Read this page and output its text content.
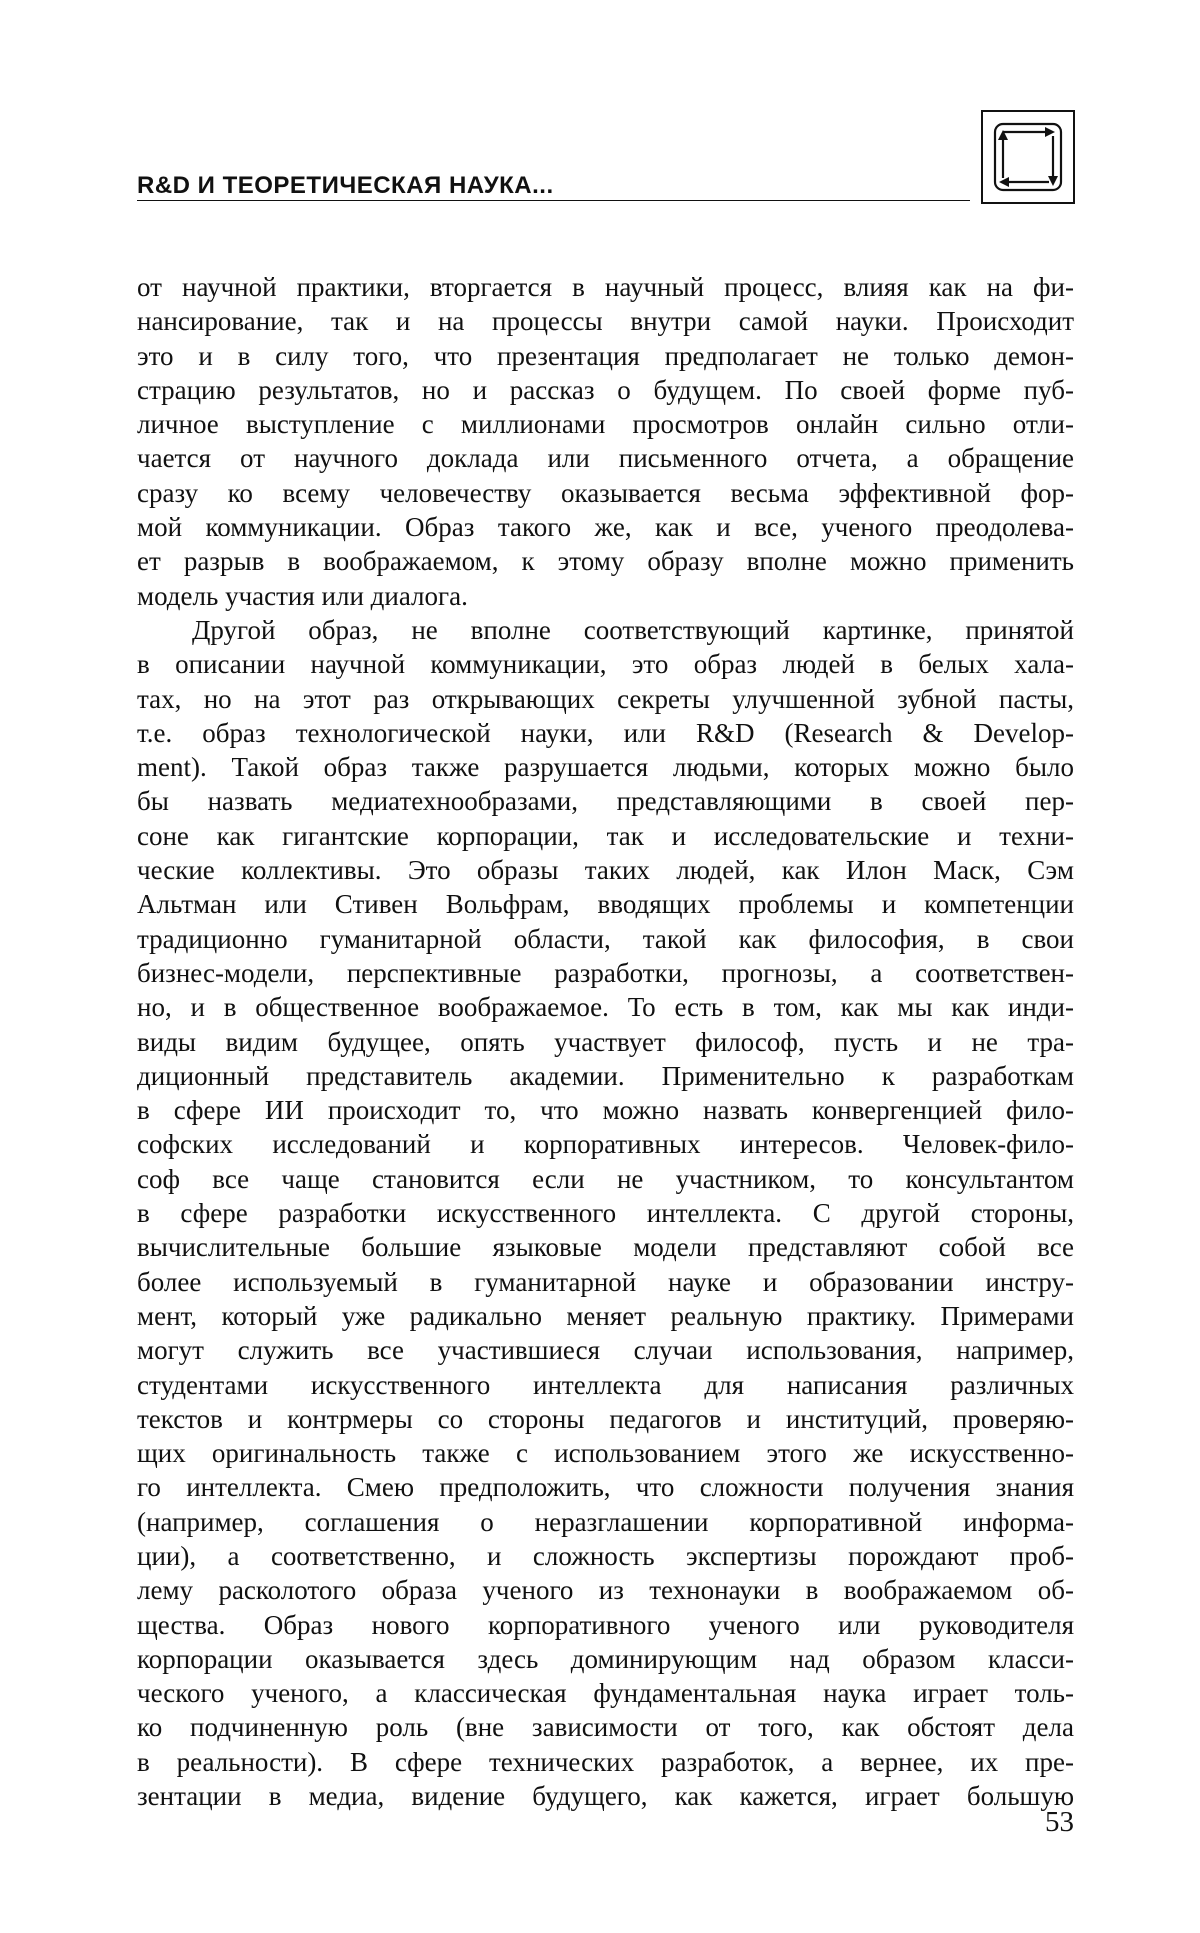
R&D И ТЕОРЕТИЧЕСКАЯ НАУКА...

от научной практики, вторгается в научный процесс, влияя как на фи-

нансирование, так и на процессы внутри самой науки. Происходит

это и в силу того, что презентация предполагает не только демон-

страцию результатов, но и рассказ о будущем. По своей форме пуб-

личное выступление с миллионами просмотров онлайн сильно отли-

чается от научного доклада или письменного отчета, а обращение

сразу ко всему человечеству оказывается весьма эффективной фор-

мой коммуникации. Образ такого же, как и все, ученого преодолева-

ет разрыв в воображаемом, к этому образу вполне можно применить

модель участия или диалога.

Другой образ, не вполне соответствующий картинке, принятой

в описании научной коммуникации, это образ людей в белых хала-

тах, но на этот раз открывающих секреты улучшенной зубной пасты,

т.е. образ технологической науки, или R&D (Research & Develop-

ment). Такой образ также разрушается людьми, которых можно было

бы назвать медиатехнообразами, представляющими в своей пер-

соне как гигантские корпорации, так и исследовательские и техни-

ческие коллективы. Это образы таких людей, как Илон Маск, Сэм

Альтман или Стивен Вольфрам, вводящих проблемы и компетенции

традиционно гуманитарной области, такой как философия, в свои

бизнес-модели, перспективные разработки, прогнозы, а соответствен-

но, и в общественное воображаемое. То есть в том, как мы как инди-

виды видим будущее, опять участвует философ, пусть и не тра-

диционный представитель академии. Применительно к разработкам

в сфере ИИ происходит то, что можно назвать конвергенцией фило-

софских исследований и корпоративных интересов. Человек-фило-

соф все чаще становится если не участником, то консультантом

в сфере разработки искусственного интеллекта. С другой стороны,

вычислительные большие языковые модели представляют собой все

более используемый в гуманитарной науке и образовании инстру-

мент, который уже радикально меняет реальную практику. Примерами

могут служить все участившиеся случаи использования, например,

студентами искусственного интеллекта для написания различных

текстов и контрмеры со стороны педагогов и институций, проверяю-

щих оригинальность также с использованием этого же искусственно-

го интеллекта. Смею предположить, что сложности получения знания

(например, соглашения о неразглашении корпоративной информа-

ции), а соответственно, и сложность экспертизы порождают проб-

лему расколотого образа ученого из технонауки в воображаемом об-

щества. Образ нового корпоративного ученого или руководителя

корпорации оказывается здесь доминирующим над образом класси-

ческого ученого, а классическая фундаментальная наука играет толь-

ко подчиненную роль (вне зависимости от того, как обстоят дела

в реальности). В сфере технических разработок, а вернее, их пре-

зентации в медиа, видение будущего, как кажется, играет большую

53
